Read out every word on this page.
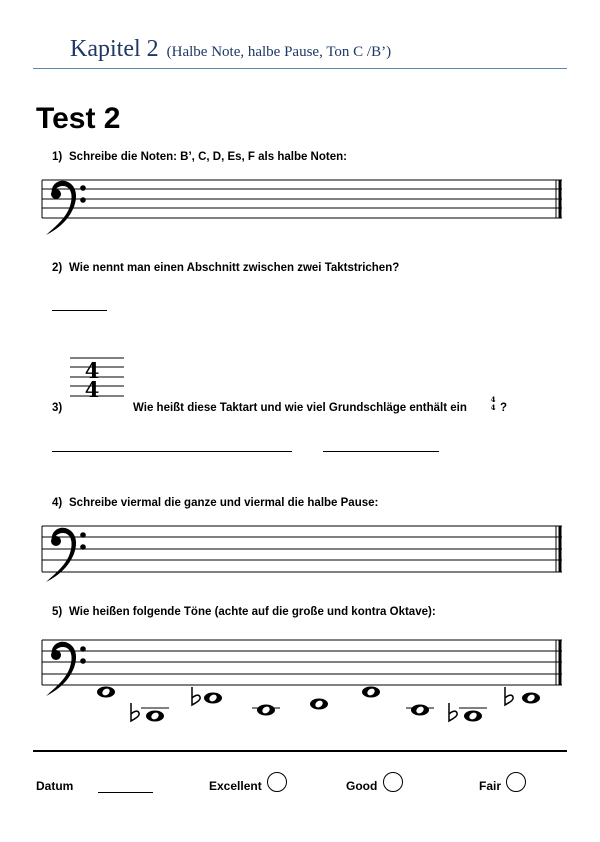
Kapitel 2 (Halbe Note, halbe Pause, Ton C /B’)
Test 2
1) Schreibe die Noten: B’, C, D, Es, F als halbe Noten:
2) Wie nennt man einen Abschnitt zwischen zwei Taktstrichen?
3)	Wie heißt diese Taktart und wie viel Grundschläge enthält ein	?
4) Schreibe viermal die ganze und viermal die halbe Pause:
5) Wie heißen folgende Töne (achte auf die große und kontra Oktave):
4
4	4
4
Datum	Excellent	Good	Fair
